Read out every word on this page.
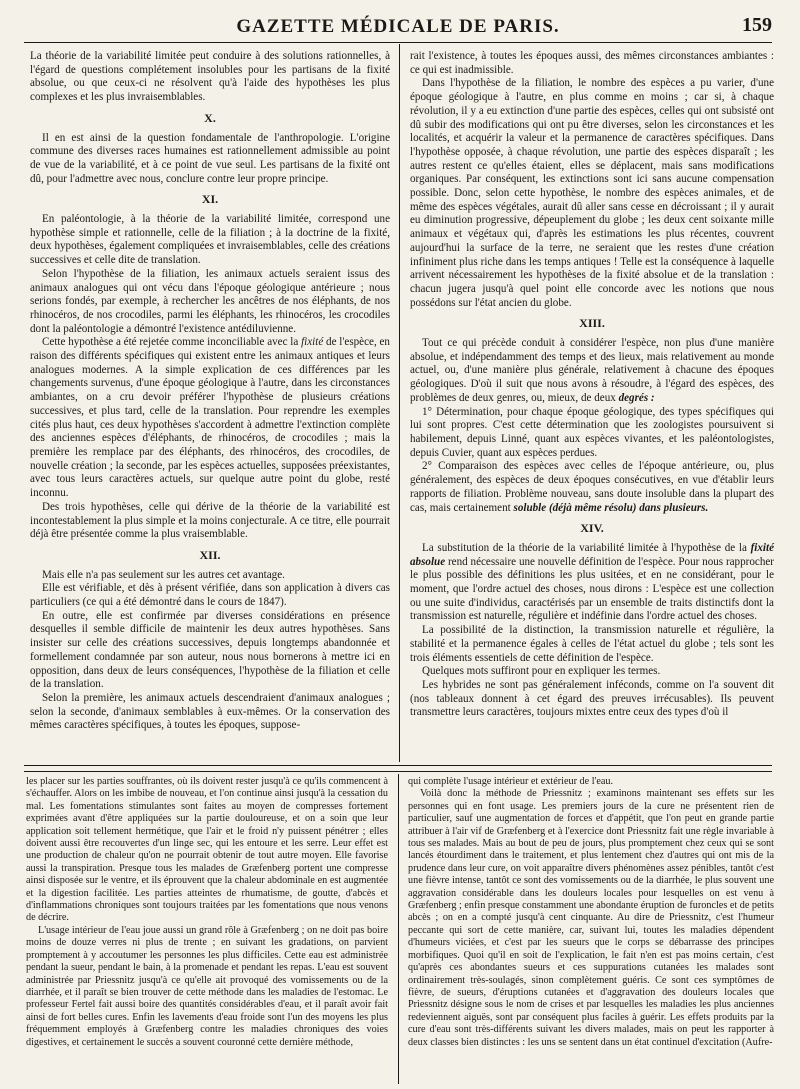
GAZETTE MÉDICALE DE PARIS.	159

La théorie de la variabilité limitée peut conduire à des solutions rationnelles, à l'égard de questions complétement insolubles pour les partisans de la fixité absolue, ou que ceux-ci ne résolvent qu'à l'aide des hypothèses les plus complexes et les plus invraisemblables.

X.

Il en est ainsi de la question fondamentale de l'anthropologie. L'origine commune des diverses races humaines est rationnellement admissible au point de vue de la variabilité, et à ce point de vue seul. Les partisans de la fixité ont dû, pour l'admettre avec nous, conclure contre leur propre principe.

XI.

En paléontologie, à la théorie de la variabilité limitée, correspond une hypothèse simple et rationnelle, celle de la filiation ; à la doctrine de la fixité, deux hypothèses, également compliquées et invraisemblables, celle des créations successives et celle dite de translation.

Selon l'hypothèse de la filiation, les animaux actuels seraient issus des animaux analogues qui ont vécu dans l'époque géologique antérieure ; nous serions fondés, par exemple, à rechercher les ancêtres de nos éléphants, de nos rhinocéros, de nos crocodiles, parmi les éléphants, les rhinocéros, les crocodiles dont la paléontologie a démontré l'existence antédiluvienne.

Cette hypothèse a été rejetée comme inconciliable avec la fixité de l'espèce, en raison des différents spécifiques qui existent entre les animaux antiques et leurs analogues modernes. A la simple explication de ces différences par les changements survenus, d'une époque géologique à l'autre, dans les circonstances ambiantes, on a cru devoir préférer l'hypothèse de plusieurs créations successives, et plus tard, celle de la translation. Pour reprendre les exemples cités plus haut, ces deux hypothèses s'accordent à admettre l'extinction complète des anciennes espèces d'éléphants, de rhinocéros, de crocodiles ; mais la première les remplace par des éléphants, des rhinocéros, des crocodiles, de nouvelle création ; la seconde, par les espèces actuelles, supposées préexistantes, avec tous leurs caractères actuels, sur quelque autre point du globe, resté inconnu.

Des trois hypothèses, celle qui dérive de la théorie de la variabilité est incontestablement la plus simple et la moins conjecturale. A ce titre, elle pourrait déjà être présentée comme la plus vraisemblable.

XII.

Mais elle n'a pas seulement sur les autres cet avantage.

Elle est vérifiable, et dès à présent vérifiée, dans son application à divers cas particuliers (ce qui a été démontré dans le cours de 1847).

En outre, elle est confirmée par diverses considérations en présence desquelles il semble difficile de maintenir les deux autres hypothèses. Sans insister sur celle des créations successives, depuis longtemps abandonnée et formellement condamnée par son auteur, nous nous bornerons à mettre ici en opposition, dans deux de leurs conséquences, l'hypothèse de la filiation et celle de la translation.

Selon la première, les animaux actuels descendraient d'animaux analogues ; selon la seconde, d'animaux semblables à eux-mêmes. Or la conservation des mêmes caractères spécifiques, à toutes les époques, suppose-

rait l'existence, à toutes les époques aussi, des mêmes circonstances ambiantes : ce qui est inadmissible.

Dans l'hypothèse de la filiation, le nombre des espèces a pu varier, d'une époque géologique à l'autre, en plus comme en moins ; car si, à chaque révolution, il y a eu extinction d'une partie des espèces, celles qui ont subsisté ont dû subir des modifications qui ont pu être diverses, selon les circonstances et les localités, et acquérir la valeur et la permanence de caractères spécifiques. Dans l'hypothèse opposée, à chaque révolution, une partie des espèces disparaît ; les autres restent ce qu'elles étaient, elles se déplacent, mais sans modifications organiques. Par conséquent, les extinctions sont ici sans aucune compensation possible. Donc, selon cette hypothèse, le nombre des espèces animales, et de même des espèces végétales, aurait dû aller sans cesse en décroissant ; il y aurait eu diminution progressive, dépeuplement du globe ; les deux cent soixante mille animaux et végétaux qui, d'après les estimations les plus récentes, couvrent aujourd'hui la surface de la terre, ne seraient que les restes d'une création infiniment plus riche dans les temps antiques ! Telle est la conséquence à laquelle arrivent nécessairement les hypothèses de la fixité absolue et de la translation : chacun jugera jusqu'à quel point elle concorde avec les notions que nous possédons sur l'état ancien du globe.

XIII.

Tout ce qui précède conduit à considérer l'espèce, non plus d'une manière absolue, et indépendamment des temps et des lieux, mais relativement au monde actuel, ou, d'une manière plus générale, relativement à chacune des époques géologiques. D'où il suit que nous avons à résoudre, à l'égard des espèces, des problèmes de deux genres, ou, mieux, de deux degrés :

1° Détermination, pour chaque époque géologique, des types spécifiques qui lui sont propres. C'est cette détermination que les zoologistes poursuivent si habilement, depuis Linné, quant aux espèces vivantes, et les paléontologistes, depuis Cuvier, quant aux espèces perdues.

2° Comparaison des espèces avec celles de l'époque antérieure, ou, plus généralement, des espèces de deux époques consécutives, en vue d'établir leurs rapports de filiation. Problème nouveau, sans doute insoluble dans la plupart des cas, mais certainement soluble (déjà même résolu) dans plusieurs.

XIV.

La substitution de la théorie de la variabilité limitée à l'hypothèse de la fixité absolue rend nécessaire une nouvelle définition de l'espèce. Pour nous rapprocher le plus possible des définitions les plus usitées, et en ne considérant, pour le moment, que l'ordre actuel des choses, nous dirons : L'espèce est une collection ou une suite d'individus, caractérisés par un ensemble de traits distinctifs dont la transmission est naturelle, régulière et indéfinie dans l'ordre actuel des choses.

La possibilité de la distinction, la transmission naturelle et régulière, la stabilité et la permanence égales à celles de l'état actuel du globe ; tels sont les trois éléments essentiels de cette définition de l'espèce.

Quelques mots suffiront pour en expliquer les termes.

Les hybrides ne sont pas généralement inféconds, comme on l'a souvent dit (nos tableaux donnent à cet égard des preuves irrécusables). Ils peuvent transmettre leurs caractères, toujours mixtes entre ceux des types d'où il

les placer sur les parties souffrantes, où ils doivent rester jusqu'à ce qu'ils commencent à s'échauffer. Alors on les imbibe de nouveau, et l'on continue ainsi jusqu'à la cessation du mal. Les fomentations stimulantes sont faites au moyen de compresses fortement exprimées avant d'être appliquées sur la partie douloureuse, et on a soin que leur application soit tellement hermétique, que l'air et le froid n'y puissent pénétrer ; elles doivent aussi être recouvertes d'un linge sec, qui les entoure et les serre. Leur effet est une production de chaleur qu'on ne pourrait obtenir de tout autre moyen. Elle favorise aussi la transpiration. Presque tous les malades de Græfenberg portent une compresse ainsi disposée sur le ventre, et ils éprouvent que la chaleur abdominale en est augmentée et la digestion facilitée. Les parties atteintes de rhumatisme, de goutte, d'abcès et d'inflammations chroniques sont toujours traitées par les fomentations que nous venons de décrire.

L'usage intérieur de l'eau joue aussi un grand rôle à Græfenberg ; on ne doit pas boire moins de douze verres ni plus de trente ; en suivant les gradations, on parvient promptement à y accoutumer les personnes les plus difficiles. Cette eau est administrée pendant la sueur, pendant le bain, à la promenade et pendant les repas. L'eau est souvent administrée par Priessnitz jusqu'à ce qu'elle ait provoqué des vomissements ou de la diarrhée, et il paraît se bien trouver de cette méthode dans les maladies de l'estomac. Le professeur Fertel fait aussi boire des quantités considérables d'eau, et il paraît avoir fait ainsi de fort belles cures. Enfin les lavements d'eau froide sont l'un des moyens les plus fréquemment employés à Græfenberg contre les maladies chroniques des voies digestives, et certainement le succès a souvent couronné cette dernière méthode,

qui complète l'usage intérieur et extérieur de l'eau.

Voilà donc la méthode de Priessnitz ; examinons maintenant ses effets sur les personnes qui en font usage. Les premiers jours de la cure ne présentent rien de particulier, sauf une augmentation de forces et d'appétit, que l'on peut en grande partie attribuer à l'air vif de Græfenberg et à l'exercice dont Priessnitz fait une règle invariable à tous ses malades. Mais au bout de peu de jours, plus promptement chez ceux qui se sont lancés étourdiment dans le traitement, et plus lentement chez d'autres qui ont mis de la prudence dans leur cure, on voit apparaître divers phénomènes assez pénibles, tantôt c'est une fièvre intense, tantôt ce sont des vomissements ou de la diarrhée, le plus souvent une aggravation considérable dans les douleurs locales pour lesquelles on est venu à Græfenberg ; enfin presque constamment une abondante éruption de furoncles et de petits abcès ; on en a compté jusqu'à cent cinquante. Au dire de Priessnitz, c'est l'humeur peccante qui sort de cette manière, car, suivant lui, toutes les maladies dépendent d'humeurs viciées, et c'est par les sueurs que le corps se débarrasse des principes morbifiques. Quoi qu'il en soit de l'explication, le fait n'en est pas moins certain, c'est qu'après ces abondantes sueurs et ces suppurations cutanées les malades sont ordinairement très-soulagés, sinon complètement guéris. Ce sont ces symptômes de fièvre, de sueurs, d'éruptions cutanées et d'aggravation des douleurs locales que Priessnitz désigne sous le nom de crises et par lesquelles les maladies les plus anciennes redeviennent aiguës, sont par conséquent plus faciles à guérir. Les effets produits par la cure d'eau sont très-différents suivant les divers malades, mais on peut les rapporter à deux classes bien distinctes : les uns se sentent dans un état continuel d'excitation (Aufre-
